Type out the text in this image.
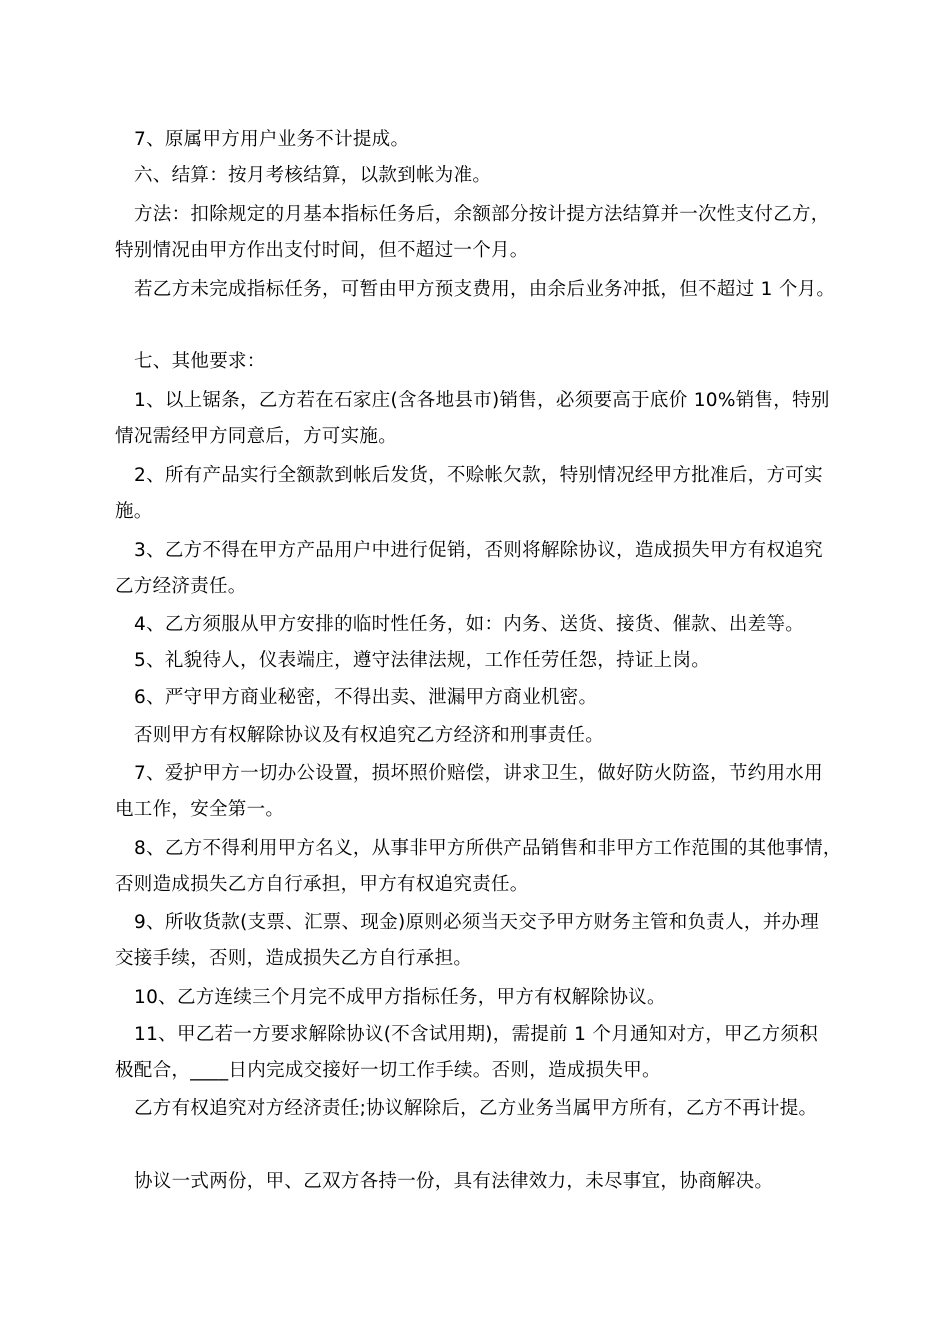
7、原属甲方用户业务不计提成。
六、结算：按月考核结算，以款到帐为准。
方法：扣除规定的月基本指标任务后，余额部分按计提方法结算并一次性支付乙方，
特别情况由甲方作出支付时间，但不超过一个月。
若乙方未完成指标任务，可暂由甲方预支费用，由余后业务冲抵，但不超过 1 个月。
七、其他要求：
1、以上锯条，乙方若在石家庄(含各地县市)销售，必须要高于底价 10%销售，特别
情况需经甲方同意后，方可实施。
2、所有产品实行全额款到帐后发货，不赊帐欠款，特别情况经甲方批准后，方可实
施。
3、乙方不得在甲方产品用户中进行促销，否则将解除协议，造成损失甲方有权追究
乙方经济责任。
4、乙方须服从甲方安排的临时性任务，如：内务、送货、接货、催款、出差等。
5、礼貌待人，仪表端庄，遵守法律法规，工作任劳任怨，持证上岗。
6、严守甲方商业秘密，不得出卖、泄漏甲方商业机密。
否则甲方有权解除协议及有权追究乙方经济和刑事责任。
7、爱护甲方一切办公设置，损坏照价赔偿，讲求卫生，做好防火防盗，节约用水用
电工作，安全第一。
8、乙方不得利用甲方名义，从事非甲方所供产品销售和非甲方工作范围的其他事情，
否则造成损失乙方自行承担，甲方有权追究责任。
9、所收货款(支票、汇票、现金)原则必须当天交予甲方财务主管和负责人，并办理
交接手续，否则，造成损失乙方自行承担。
10、乙方连续三个月完不成甲方指标任务，甲方有权解除协议。
11、甲乙若一方要求解除协议(不含试用期)，需提前 1 个月通知对方，甲乙方须积
极配合，____日内完成交接好一切工作手续。否则，造成损失甲。
乙方有权追究对方经济责任;协议解除后，乙方业务当属甲方所有，乙方不再计提。
协议一式两份，甲、乙双方各持一份，具有法律效力，未尽事宜，协商解决。
